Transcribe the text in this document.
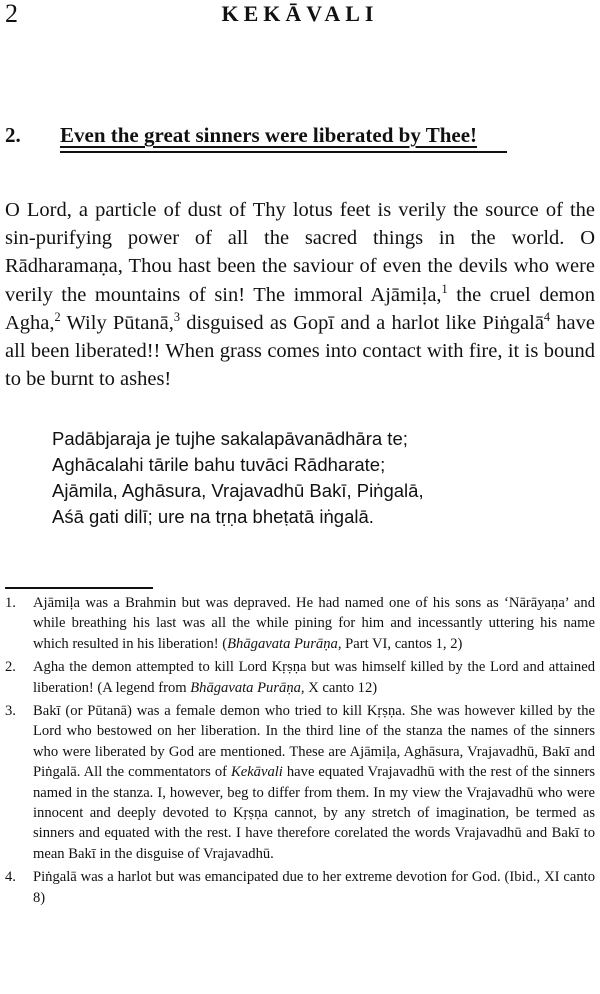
2	KEKĀVALI
2. Even the great sinners were liberated by Thee!
O Lord, a particle of dust of Thy lotus feet is verily the source of the sin-purifying power of all the sacred things in the world. O Rādharamaṇa, Thou hast been the saviour of even the devils who were verily the mountains of sin! The immoral Ajāmiḷa,$^1$ the cruel demon Agha,$^2$ Wily Pūtanā,$^3$ disguised as Gopī and a harlot like Piṅgalā$^4$ have all been liberated!! When grass comes into contact with fire, it is bound to be burnt to ashes!
Padābjaraja je tujhe sakalapāvanādhāra te;
Aghācalahi tārile bahu tuvāci Rādharate;
Ajāmila, Aghāsura, Vrajavadhū Bakī, Piṅgalā,
Aśā gati dilī; ure na tṛṇa bheṭatā iṅgalā.
1. Ajāmiḷa was a Brahmin but was depraved. He had named one of his sons as ‘Nārāyaṇa’ and while breathing his last was all the while pining for him and incessantly uttering his name which resulted in his liberation! (Bhāgavata Purāṇa, Part VI, cantos 1, 2)
2. Agha the demon attempted to kill Lord Kṛṣṇa but was himself killed by the Lord and attained liberation! (A legend from Bhāgavata Purāṇa, X canto 12)
3. Bakī (or Pūtanā) was a female demon who tried to kill Kṛṣṇa. She was however killed by the Lord who bestowed on her liberation. In the third line of the stanza the names of the sinners who were liberated by God are mentioned. These are Ajāmiḷa, Aghāsura, Vrajavadhū, Bakī and Piṅgalā. All the commentators of Kekāvali have equated Vrajavadhū with the rest of the sinners named in the stanza. I, however, beg to differ from them. In my view the Vrajavadhū who were innocent and deeply devoted to Kṛṣṇa cannot, by any stretch of imagination, be termed as sinners and equated with the rest. I have therefore corelated the words Vrajavadhū and Bakī to mean Bakī in the disguise of Vrajavadhū.
4. Piṅgalā was a harlot but was emancipated due to her extreme devotion for God. (Ibid., XI canto 8)
